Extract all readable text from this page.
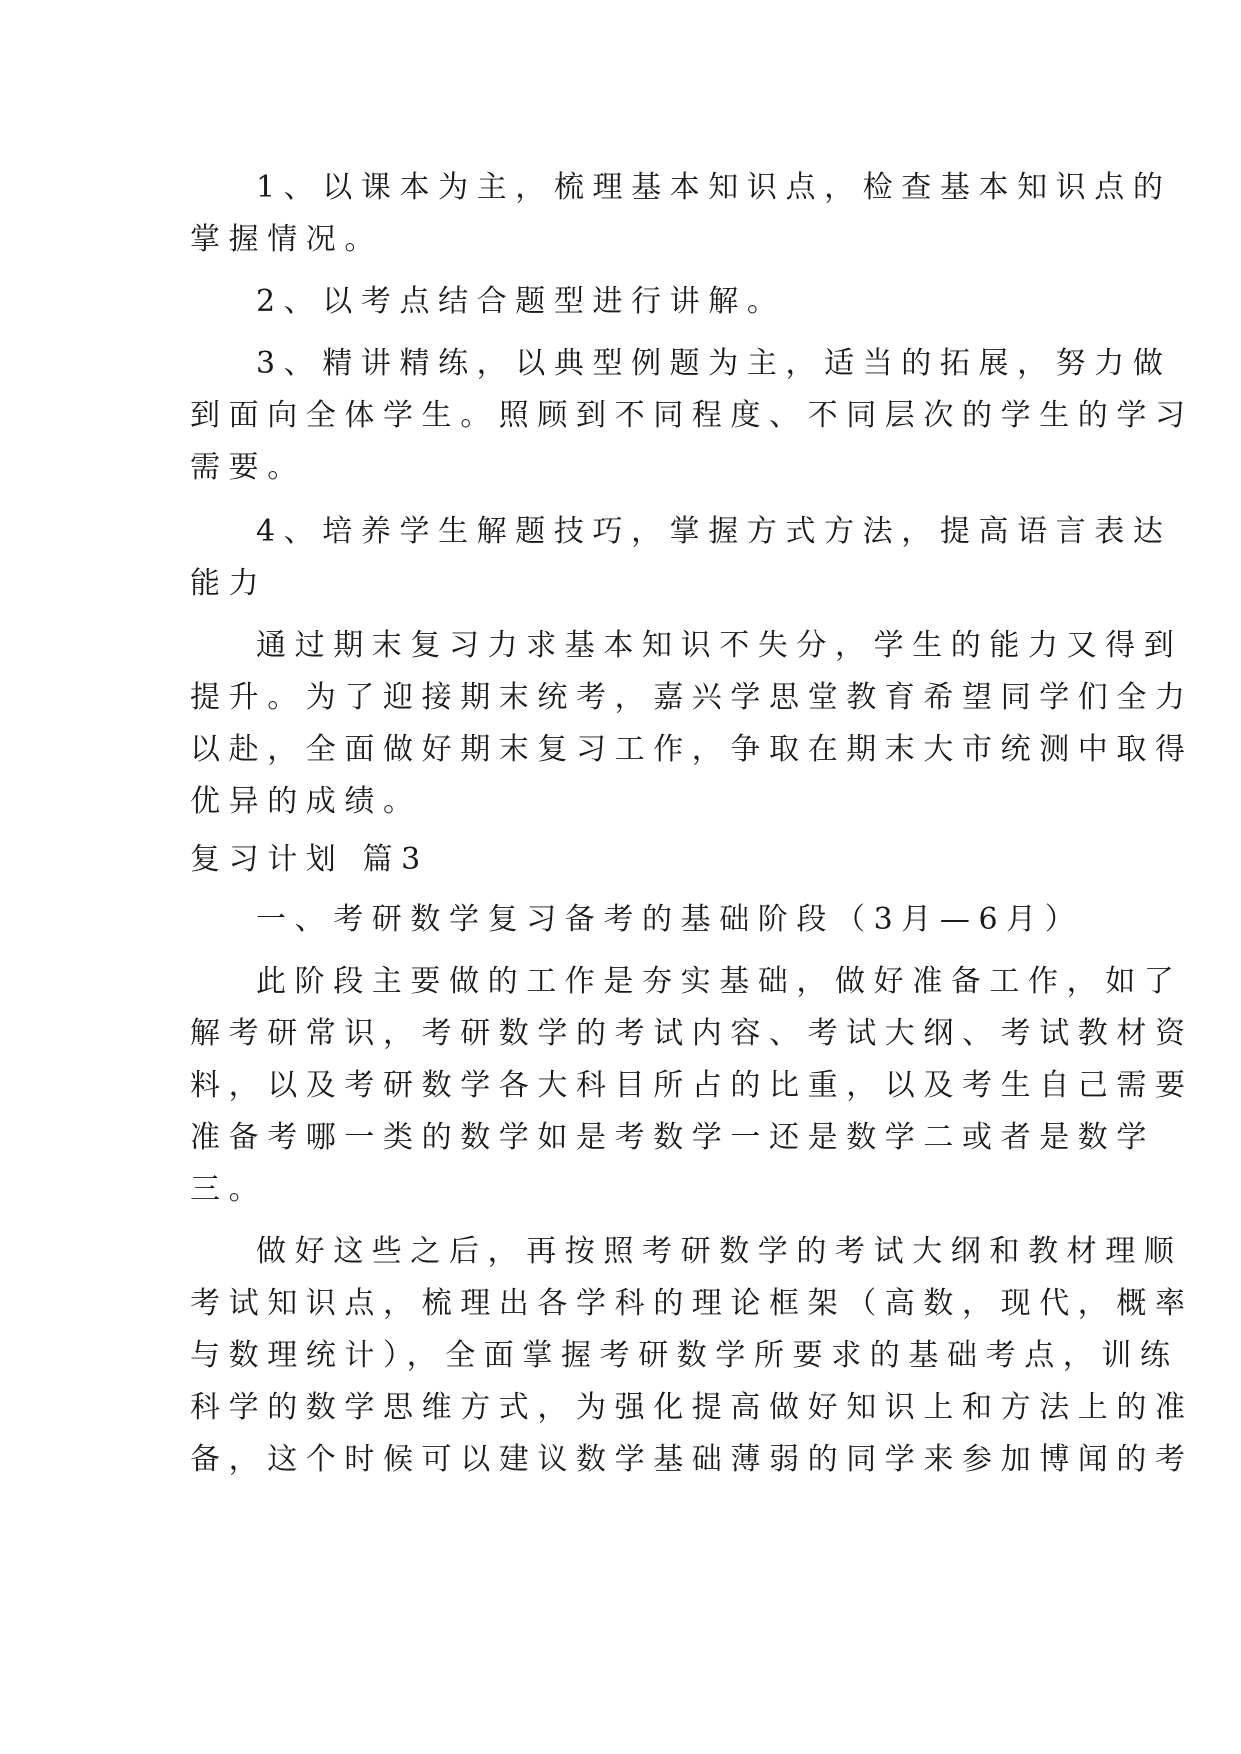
1、以课本为主，梳理基本知识点，检查基本知识点的
掌握情况。
2、以考点结合题型进行讲解。
3、精讲精练，以典型例题为主，适当的拓展，努力做
到面向全体学生。照顾到不同程度、不同层次的学生的学习
需要。
4、培养学生解题技巧，掌握方式方法，提高语言表达
能力
通过期末复习力求基本知识不失分，学生的能力又得到
提升。为了迎接期末统考，嘉兴学思堂教育希望同学们全力
以赴，全面做好期末复习工作，争取在期末大市统测中取得
优异的成绩。
复习计划 篇3
一、考研数学复习备考的基础阶段（3月—6月）
此阶段主要做的工作是夯实基础，做好准备工作，如了
解考研常识，考研数学的考试内容、考试大纲、考试教材资
料，以及考研数学各大科目所占的比重，以及考生自己需要
准备考哪一类的数学如是考数学一还是数学二或者是数学
三。
做好这些之后，再按照考研数学的考试大纲和教材理顺
考试知识点，梳理出各学科的理论框架（高数，现代，概率
与数理统计），全面掌握考研数学所要求的基础考点，训练
科学的数学思维方式，为强化提高做好知识上和方法上的准
备，这个时候可以建议数学基础薄弱的同学来参加博闻的考
